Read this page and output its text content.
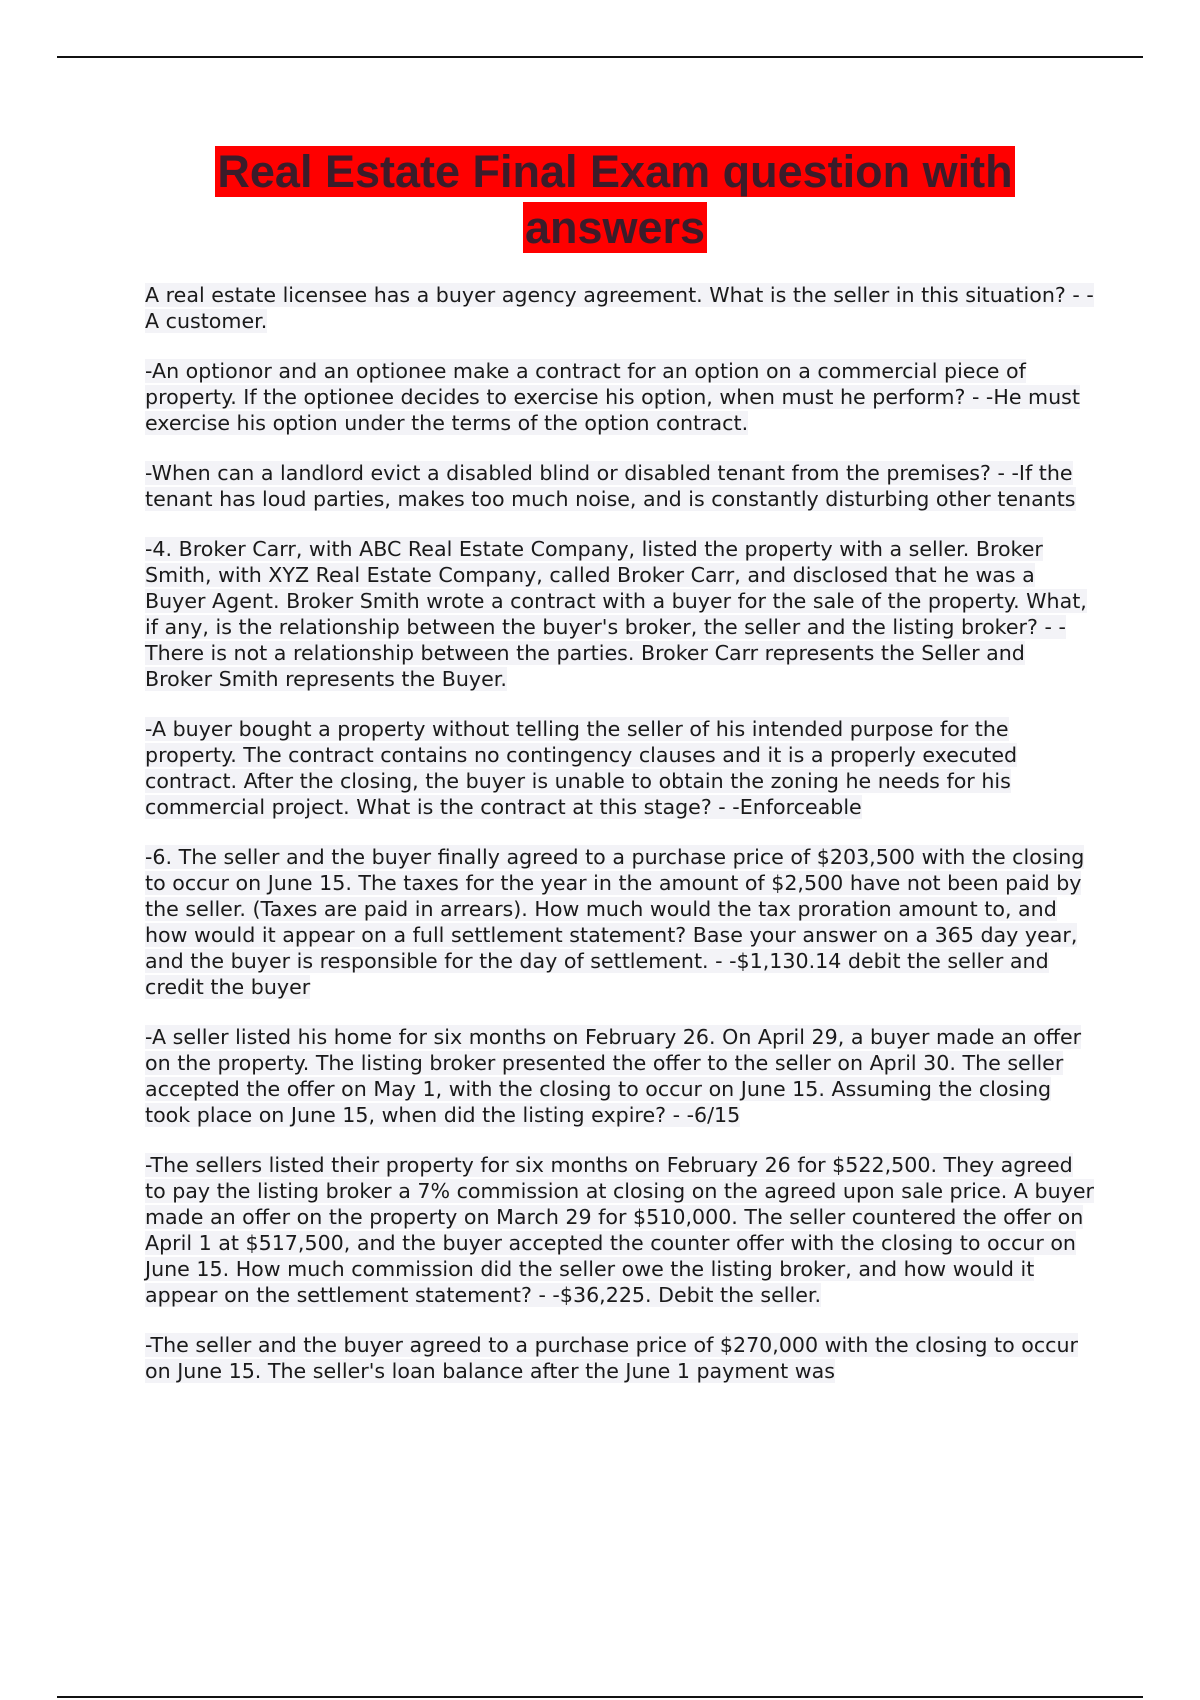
Real Estate Final Exam question with answers

A real estate licensee has a buyer agency agreement. What is the seller in this situation? - -A customer.

-An optionor and an optionee make a contract for an option on a commercial piece of property. If the optionee decides to exercise his option, when must he perform? - -He must exercise his option under the terms of the option contract.

-When can a landlord evict a disabled blind or disabled tenant from the premises? - -If the tenant has loud parties, makes too much noise, and is constantly disturbing other tenants

-4. Broker Carr, with ABC Real Estate Company, listed the property with a seller. Broker Smith, with XYZ Real Estate Company, called Broker Carr, and disclosed that he was a Buyer Agent. Broker Smith wrote a contract with a buyer for the sale of the property. What, if any, is the relationship between the buyer's broker, the seller and the listing broker? - -There is not a relationship between the parties. Broker Carr represents the Seller and Broker Smith represents the Buyer.

-A buyer bought a property without telling the seller of his intended purpose for the property. The contract contains no contingency clauses and it is a properly executed contract. After the closing, the buyer is unable to obtain the zoning he needs for his commercial project. What is the contract at this stage? - -Enforceable

-6. The seller and the buyer finally agreed to a purchase price of $203,500 with the closing to occur on June 15. The taxes for the year in the amount of $2,500 have not been paid by the seller. (Taxes are paid in arrears). How much would the tax proration amount to, and how would it appear on a full settlement statement? Base your answer on a 365 day year, and the buyer is responsible for the day of settlement. - -$1,130.14 debit the seller and credit the buyer

-A seller listed his home for six months on February 26. On April 29, a buyer made an offer on the property. The listing broker presented the offer to the seller on April 30. The seller accepted the offer on May 1, with the closing to occur on June 15. Assuming the closing took place on June 15, when did the listing expire? - -6/15

-The sellers listed their property for six months on February 26 for $522,500. They agreed to pay the listing broker a 7% commission at closing on the agreed upon sale price. A buyer made an offer on the property on March 29 for $510,000. The seller countered the offer on April 1 at $517,500, and the buyer accepted the counter offer with the closing to occur on June 15. How much commission did the seller owe the listing broker, and how would it appear on the settlement statement? - -$36,225. Debit the seller.

-The seller and the buyer agreed to a purchase price of $270,000 with the closing to occur on June 15. The seller's loan balance after the June 1 payment was
